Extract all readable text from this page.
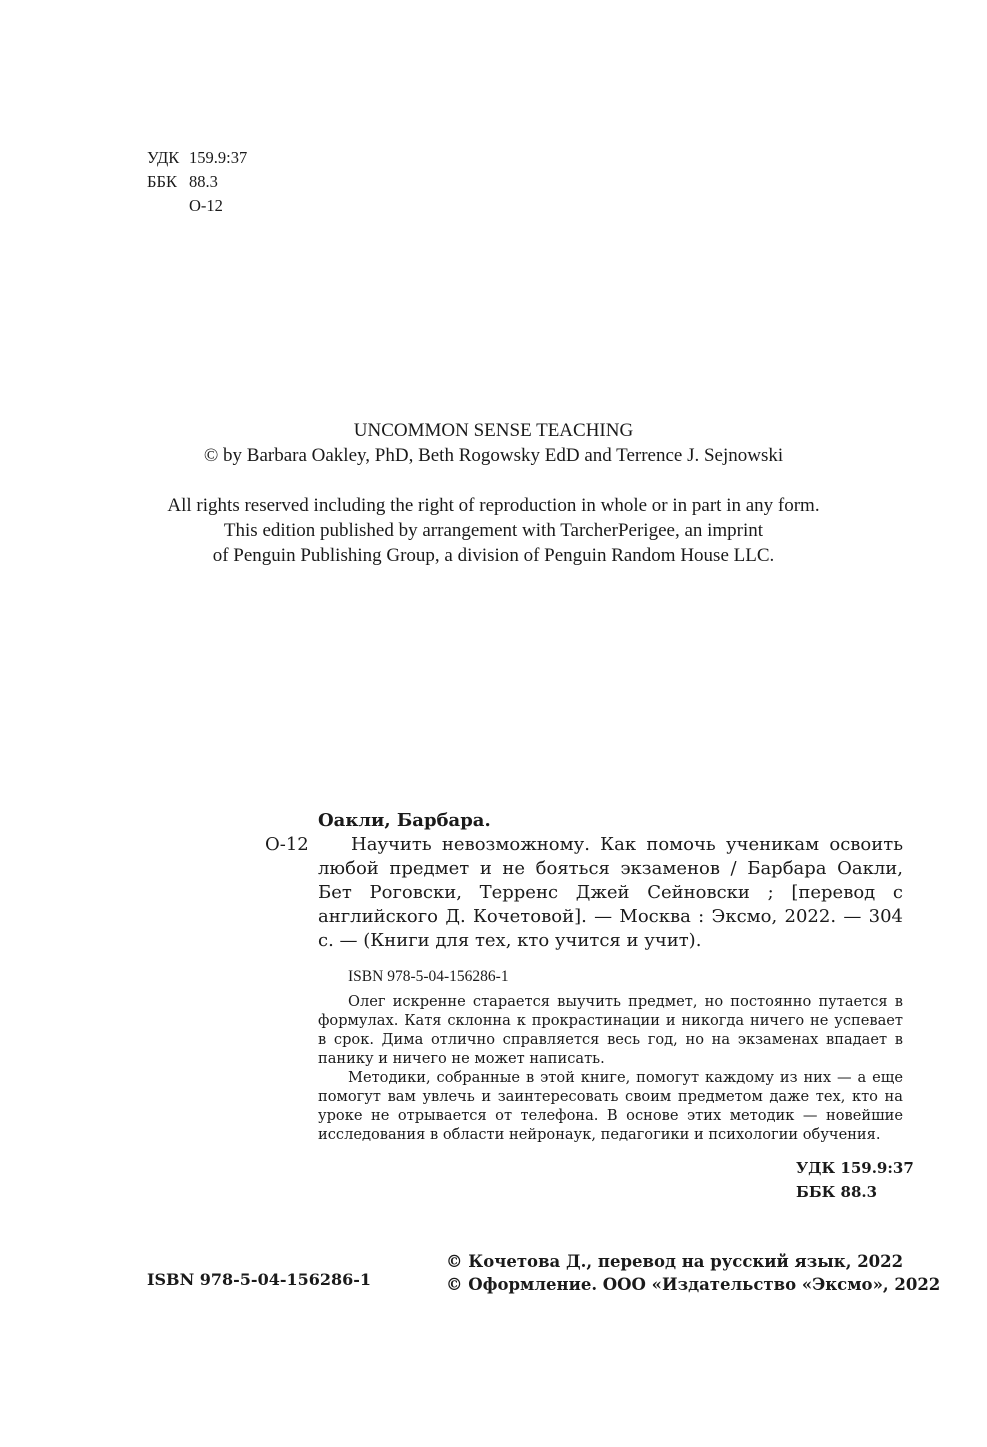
УДК 159.9:37
ББК 88.3
О-12
UNCOMMON SENSE TEACHING
© by Barbara Oakley, PhD, Beth Rogowsky EdD and Terrence J. Sejnowski
All rights reserved including the right of reproduction in whole or in part in any form.
This edition published by arrangement with TarcherPerigee, an imprint
of Penguin Publishing Group, a division of Penguin Random House LLC.
Оакли, Барбара.
О-12	Научить невозможному. Как помочь ученикам освоить любой предмет и не бояться экзаменов / Барбара Оакли, Бет Роговски, Терренс Джей Сейновски ; [перевод с английского Д. Кочетовой]. — Москва : Эксмо, 2022. — 304 с. — (Книги для тех, кто учится и учит).

ISBN 978-5-04-156286-1

Олег искренне старается выучить предмет, но постоянно путается в формулах. Катя склонна к прокрастинации и никогда ничего не успевает в срок. Дима отлично справляется весь год, но на экзаменах впадает в панику и ничего не может написать.

Методики, собранные в этой книге, помогут каждому из них — а еще помогут вам увлечь и заинтересовать своим предметом даже тех, кто на уроке не отрывается от телефона. В основе этих методик — новейшие исследования в области нейронаук, педагогики и психологии обучения.

УДК 159.9:37
ББК 88.3
ISBN 978-5-04-156286-1
© Кочетова Д., перевод на русский язык, 2022
© Оформление. ООО «Издательство «Эксмо», 2022
